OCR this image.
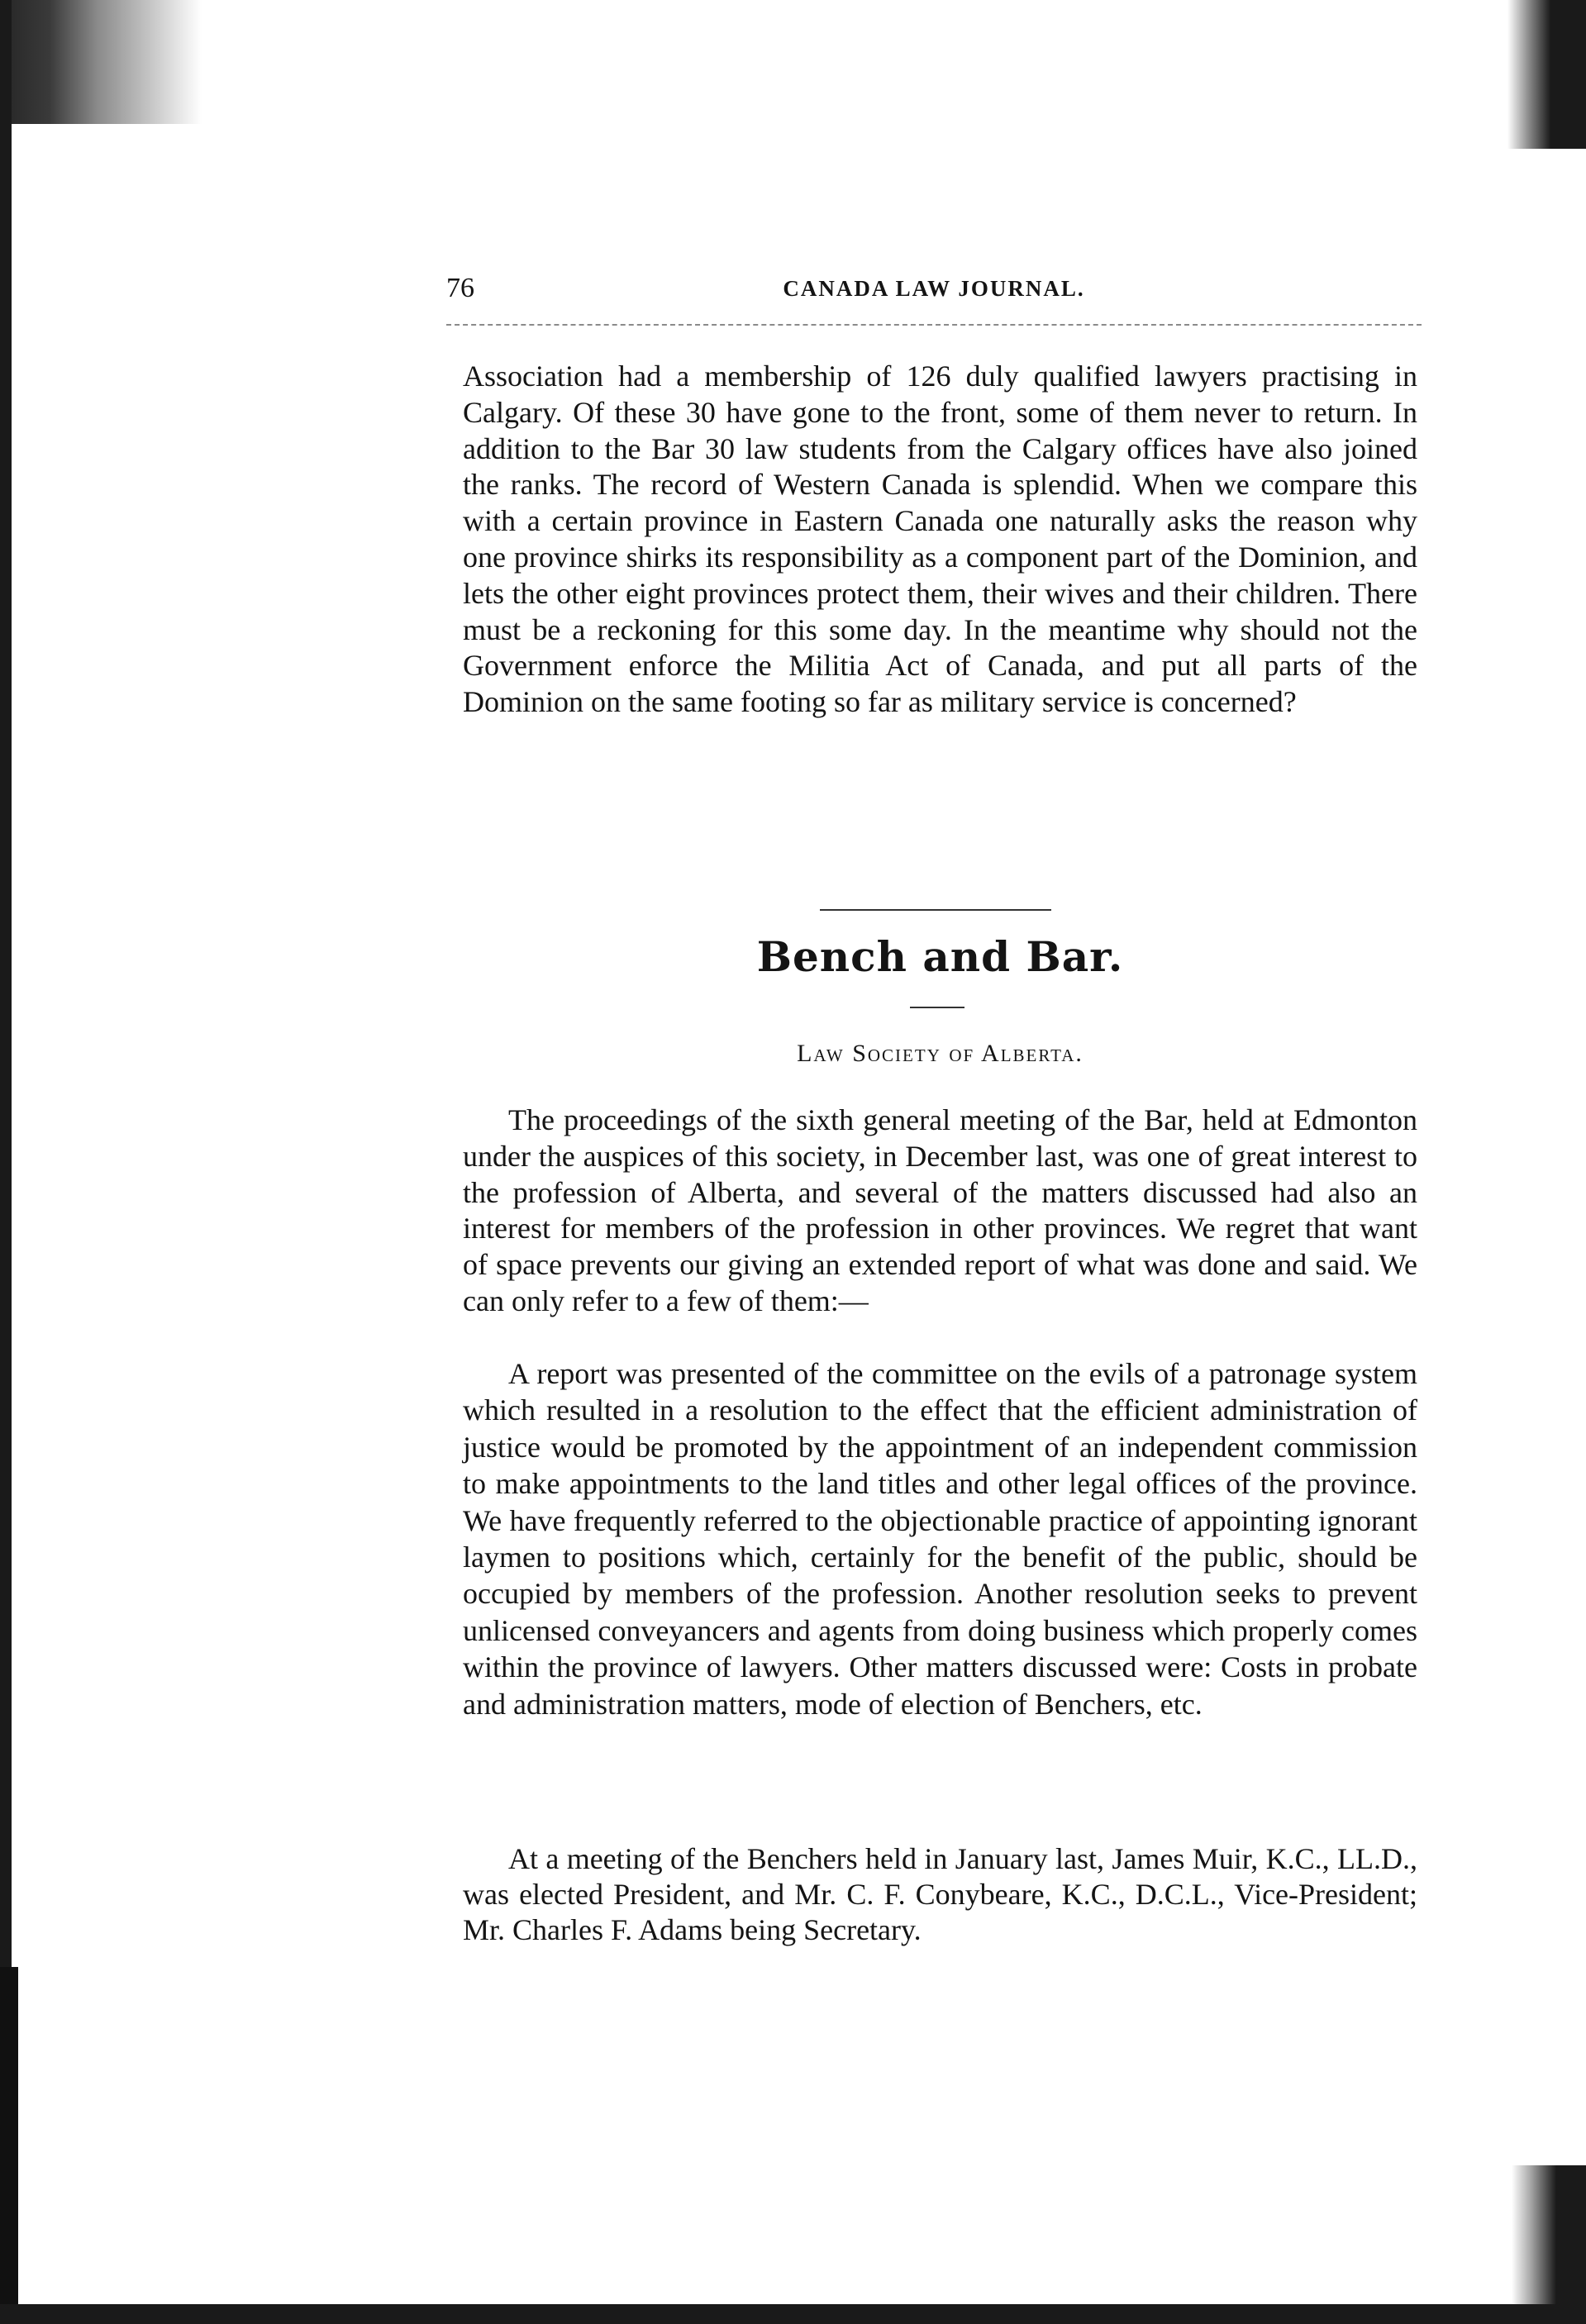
76	CANADA LAW JOURNAL.

Association had a membership of 126 duly qualified lawyers practising in Calgary. Of these 30 have gone to the front, some of them never to return. In addition to the Bar 30 law students from the Calgary offices have also joined the ranks. The record of Western Canada is splendid. When we compare this with a certain province in Eastern Canada one naturally asks the reason why one province shirks its responsibility as a component part of the Dominion, and lets the other eight provinces protect them, their wives and their children. There must be a reckoning for this some day. In the meantime why should not the Government enforce the Militia Act of Canada, and put all parts of the Dominion on the same footing so far as military service is concerned?

Bench and Bar.
Law Society of Alberta.

The proceedings of the sixth general meeting of the Bar, held at Edmonton under the auspices of this society, in December last, was one of great interest to the profession of Alberta, and several of the matters discussed had also an interest for members of the profession in other provinces. We regret that want of space prevents our giving an extended report of what was done and said. We can only refer to a few of them:—

A report was presented of the committee on the evils of a patronage system which resulted in a resolution to the effect that the efficient administration of justice would be promoted by the appointment of an independent commission to make appointments to the land titles and other legal offices of the province. We have frequently referred to the objectionable practice of appointing ignorant laymen to positions which, certainly for the benefit of the public, should be occupied by members of the profession. Another resolution seeks to prevent unlicensed conveyancers and agents from doing business which properly comes within the province of lawyers. Other matters discussed were: Costs in probate and administration matters, mode of election of Benchers, etc.

At a meeting of the Benchers held in January last, James Muir, K.C., LL.D., was elected President, and Mr. C. F. Conybeare, K.C., D.C.L., Vice-President; Mr. Charles F. Adams being Secretary.
